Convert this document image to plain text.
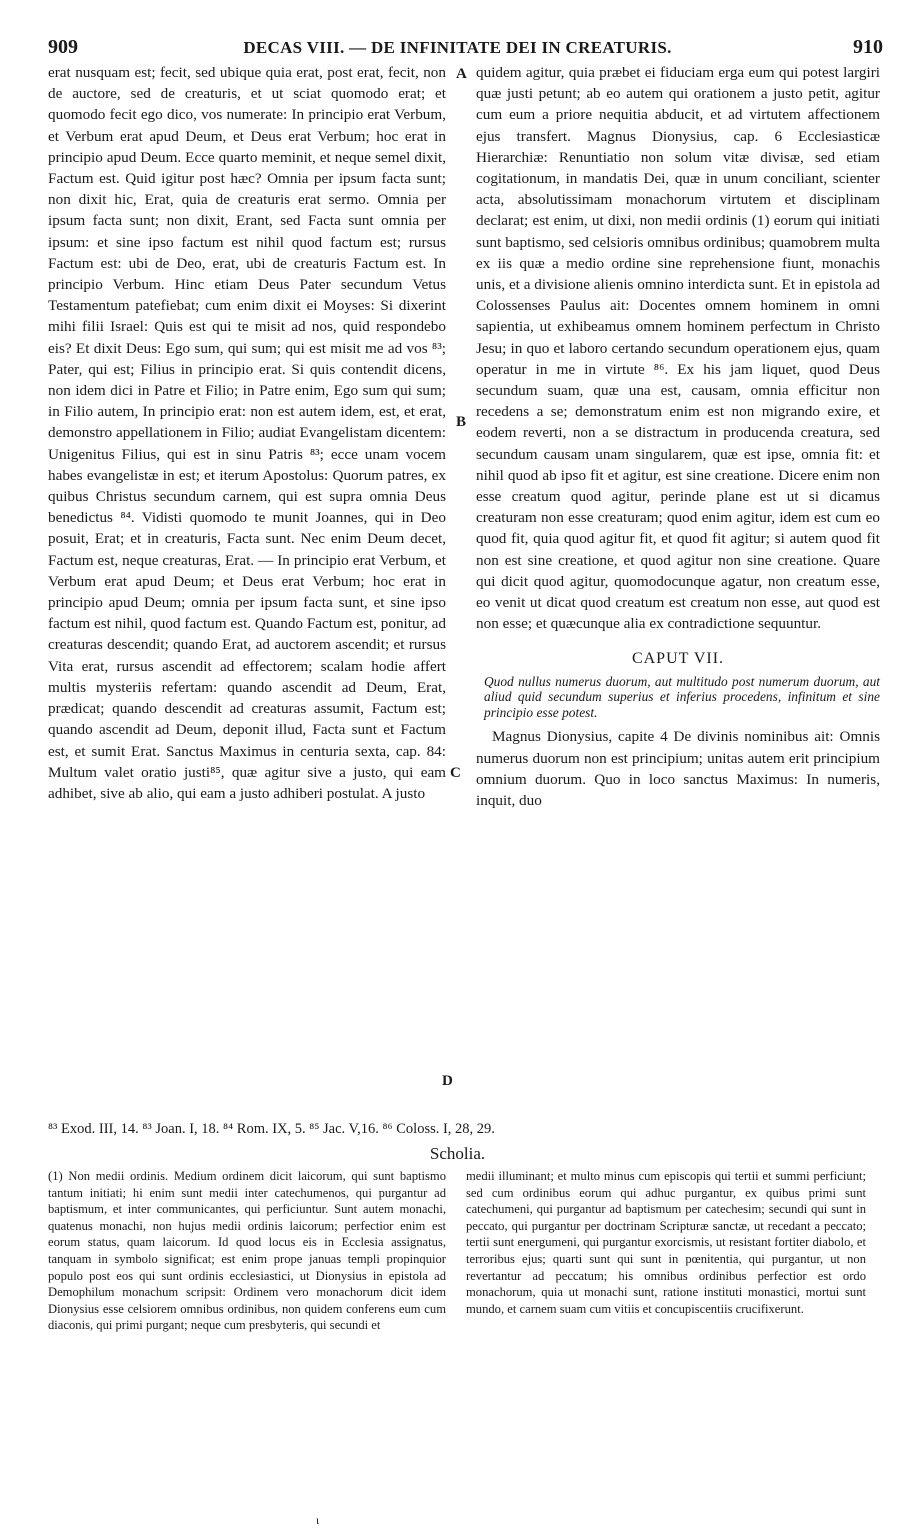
909	DECAS VIII. — DE INFINITATE DEI IN CREATURIS.	910

erat nusquam est; fecit, sed ubique quia erat, post erat, fecit, non de auctore, sed de creaturis, et ut sciat quomodo erat; et quomodo fecit ego dico, vos numerate: In principio erat Verbum, et Verbum erat apud Deum, et Deus erat Verbum; hoc erat in principio apud Deum. Ecce quarto meminit, et neque semel dixit, Factum est. Quid igitur post hæc? Omnia per ipsum facta sunt; non dixit hic, Erat, quia de creaturis erat sermo. Omnia per ipsum facta sunt; non dixit, Erant, sed Facta sunt omnia per ipsum: et sine ipso factum est nihil quod factum est; rursus Factum est: ubi de Deo, erat, ubi de creaturis Factum est. In principio Verbum. Hinc etiam Deus Pater secundum Vetus Testamentum patefiebat; cum enim dixit ei Moyses: Si dixerint mihi filii Israel: Quis est qui te misit ad nos, quid respondebo eis? Et dixit Deus: Ego sum, qui sum; qui est misit me ad vos ⁸³; Pater, qui est; Filius in principio erat. Si quis contendit dicens, non idem dici in Patre et Filio; in Patre enim, Ego sum qui sum; in Filio autem, In principio erat: non est autem idem, est, et erat, demonstro appellationem in Filio; audiat Evangelistam dicentem: Unigenitus Filius, qui est in sinu Patris ⁸³; ecce unam vocem habes evangelistæ in est; et iterum Apostolus: Quorum patres, ex quibus Christus secundum carnem, qui est supra omnia Deus benedictus ⁸⁴. Vidisti quomodo te munit Joannes, qui in Deo posuit, Erat; et in creaturis, Facta sunt. Nec enim Deum decet, Factum est, neque creaturas, Erat. — In principio erat Verbum, et Verbum erat apud Deum; et Deus erat Verbum; hoc erat in principio apud Deum; omnia per ipsum facta sunt, et sine ipso factum est nihil, quod factum est. Quando Factum est, ponitur, ad creaturas descendit; quando Erat, ad auctorem ascendit; et rursus Vita erat, rursus ascendit ad effectorem; scalam hodie affert multis mysteriis refertam: quando ascendit ad Deum, Erat, prædicat; quando descendit ad creaturas assumit, Factum est; quando ascendit ad Deum, deponit illud, Facta sunt et Factum est, et sumit Erat. Sanctus Maximus in centuria sexta, cap. 84: Multum valet oratio justi⁸⁵, quæ agitur sive a justo, qui eam adhibet, sive ab alio, qui eam a justo adhiberi postulat. A justo

A
B
C
D

quidem agitur, quia præbet ei fiduciam erga eum qui potest largiri quæ justi petunt; ab eo autem qui orationem a justo petit, agitur cum eum a priore nequitia abducit, et ad virtutem affectionem ejus transfert. Magnus Dionysius, cap. 6 Ecclesiasticæ Hierarchiæ: Renuntiatio non solum vitæ divisæ, sed etiam cogitationum, in mandatis Dei, quæ in unum conciliant, scienter acta, absolutissimam monachorum virtutem et disciplinam declarat; est enim, ut dixi, non medii ordinis (1) eorum qui initiati sunt baptismo, sed celsioris omnibus ordinibus; quamobrem multa ex iis quæ a medio ordine sine reprehensione fiunt, monachis unis, et a divisione alienis omnino interdicta sunt. Et in epistola ad Colossenses Paulus ait: Docentes omnem hominem in omni sapientia, ut exhibeamus omnem hominem perfectum in Christo Jesu; in quo et laboro certando secundum operationem ejus, quam operatur in me in virtute ⁸⁶. Ex his jam liquet, quod Deus secundum suam, quæ una est, causam, omnia efficitur non recedens a se; demonstratum enim est non migrando exire, et eodem reverti, non a se distractum in producenda creatura, sed secundum causam unam singularem, quæ est ipse, omnia fit: et nihil quod ab ipso fit et agitur, est sine creatione. Dicere enim non esse creatum quod agitur, perinde plane est ut si dicamus creaturam non esse creaturam; quod enim agitur, idem est cum eo quod fit, quia quod agitur fit, et quod fit agitur; si autem quod fit non est sine creatione, et quod agitur non sine creatione. Quare qui dicit quod agitur, quomodocunque agatur, non creatum esse, eo venit ut dicat quod creatum est creatum non esse, aut quod est non esse; et quæcunque alia ex contradictione sequuntur.

CAPUT VII.

Quod nullus numerus duorum, aut multitudo post numerum duorum, aut aliud quid secundum superius et inferius procedens, infinitum et sine principio esse potest.

Magnus Dionysius, capite 4 De divinis nominibus ait: Omnis numerus duorum non est principium; unitas autem erit principium omnium duorum. Quo in loco sanctus Maximus: In numeris, inquit, duo

⁸³ Exod. III, 14. ⁸³ Joan. I, 18. ⁸⁴ Rom. IX, 5. ⁸⁵ Jac. V,16. ⁸⁶ Coloss. I, 28, 29.
Scholia.

(1) Non medii ordinis. Medium ordinem dicit laicorum, qui sunt baptismo tantum initiati; hi enim sunt medii inter catechumenos, qui purgantur ad baptismum, et inter communicantes, qui perficiuntur. Sunt autem monachi, quatenus monachi, non hujus medii ordinis laicorum; perfectior enim est eorum status, quam laicorum. Id quod locus eis in Ecclesia assignatus, tanquam in symbolo significat; est enim prope januas templi propinquior populo post eos qui sunt ordinis ecclesiastici, ut Dionysius in epistola ad Demophilum monachum scripsit: Ordinem vero monachorum dicit idem Dionysius esse celsiorem omnibus ordinibus, non quidem conferens eum cum diaconis, qui primi purgant; neque cum presbyteris, qui secundi et

medii illuminant; et multo minus cum episcopis qui tertii et summi perficiunt; sed cum ordinibus eorum qui adhuc purgantur, ex quibus primi sunt catechumeni, qui purgantur ad baptismum per catechesim; secundi qui sunt in peccato, qui purgantur per doctrinam Scripturæ sanctæ, ut recedant a peccato; tertii sunt energumeni, qui purgantur exorcismis, ut resistant fortiter diabolo, et terroribus ejus; quarti sunt qui sunt in pœnitentia, qui purgantur, ut non revertantur ad peccatum; his omnibus ordinibus perfectior est ordo monachorum, quia ut monachi sunt, ratione instituti monastici, mortui sunt mundo, et carnem suam cum vitiis et concupiscentiis crucifixerunt.

ι
